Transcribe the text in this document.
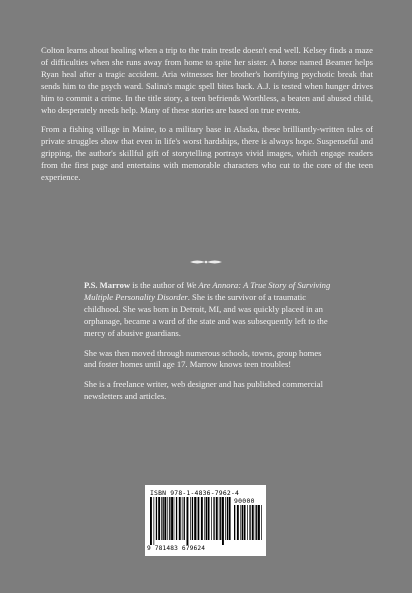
Colton learns about healing when a trip to the train trestle doesn't end well. Kelsey finds a maze of difficulties when she runs away from home to spite her sister. A horse named Beamer helps Ryan heal after a tragic accident. Aria witnesses her brother's horrifying psychotic break that sends him to the psych ward. Salina's magic spell bites back. A.J. is tested when hunger drives him to commit a crime. In the title story, a teen befriends Worthless, a beaten and abused child, who desperately needs help. Many of these stories are based on true events.

From a fishing village in Maine, to a military base in Alaska, these brilliantly-written tales of private struggles show that even in life's worst hardships, there is always hope. Suspenseful and gripping, the author's skillful gift of storytelling portrays vivid images, which engage readers from the first page and entertains with memorable characters who cut to the core of the teen experience.

P.S. Marrow is the author of We Are Annora: A True Story of Surviving Multiple Personality Disorder. She is the survivor of a traumatic childhood. She was born in Detroit, MI, and was quickly placed in an orphanage, became a ward of the state and was subsequently left to the mercy of abusive guardians.

She was then moved through numerous schools, towns, group homes and foster homes until age 17. Marrow knows teen troubles!

She is a freelance writer, web designer and has published commercial newsletters and articles.

ISBN 978-1-4836-7962-4
90000
9 781483 679624
